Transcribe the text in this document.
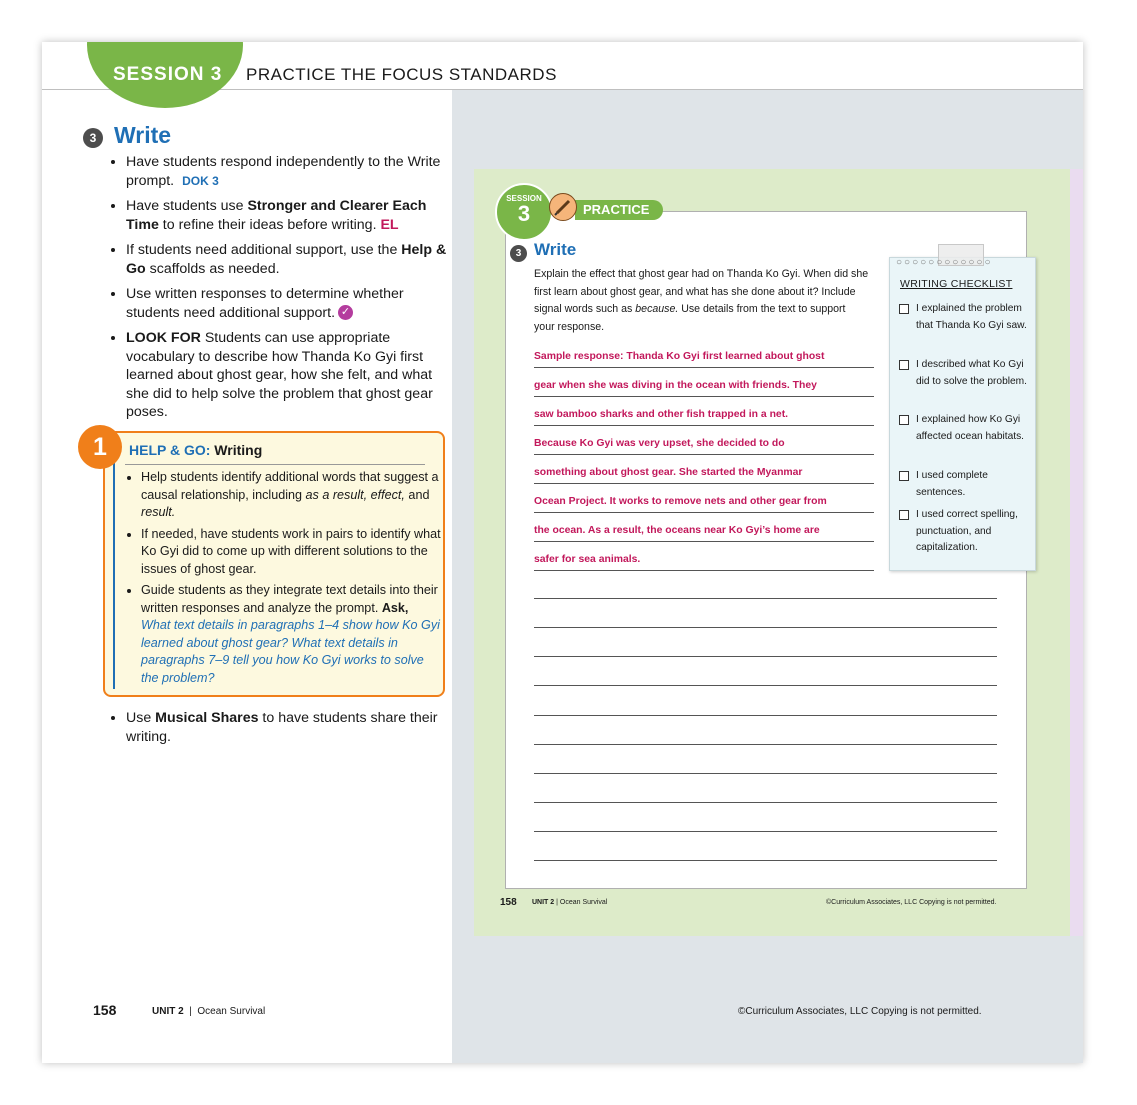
SESSION 3 PRACTICE THE FOCUS STANDARDS
3 Write
• Have students respond independently to the Write prompt. DOK 3
• Have students use Stronger and Clearer Each Time to refine their ideas before writing. EL
• If students need additional support, use the Help & Go scaffolds as needed.
• Use written responses to determine whether students need additional support. ✓
• LOOK FOR Students can use appropriate vocabulary to describe how Thanda Ko Gyi first learned about ghost gear, how she felt, and what she did to help solve the problem that ghost gear poses.
HELP & GO: Writing
• Help students identify additional words that suggest a causal relationship, including as a result, effect, and result.
• If needed, have students work in pairs to identify what Ko Gyi did to come up with different solutions to the issues of ghost gear.
• Guide students as they integrate text details into their written responses and analyze the prompt. Ask, What text details in paragraphs 1–4 show how Ko Gyi learned about ghost gear? What text details in paragraphs 7–9 tell you how Ko Gyi works to solve the problem?
1
• Use Musical Shares to have students share their writing.
158	UNIT 2  |  Ocean Survival	©Curriculum Associates, LLC Copying is not permitted.
PRACTICE
SESSION
3
3 Write
Explain the effect that ghost gear had on Thanda Ko Gyi. When did she first learn about ghost gear, and what has she done about it? Include signal words such as because. Use details from the text to support your response.
Sample response: Thanda Ko Gyi first learned about ghost
gear when she was diving in the ocean with friends. They
saw bamboo sharks and other fish trapped in a net.
Because Ko Gyi was very upset, she decided to do
something about ghost gear. She started the Myanmar
Ocean Project. It works to remove nets and other gear from
the ocean. As a result, the oceans near Ko Gyi’s home are
safer for sea animals.
○○○○○○○○○○○○
WRITING CHECKLIST
I explained the problem that Thanda Ko Gyi saw.
I described what Ko Gyi did to solve the problem.
I explained how Ko Gyi affected ocean habitats.
I used complete sentences.
I used correct spelling, punctuation, and capitalization.
158 UNIT 2 | Ocean Survival	©Curriculum Associates, LLC Copying is not permitted.
